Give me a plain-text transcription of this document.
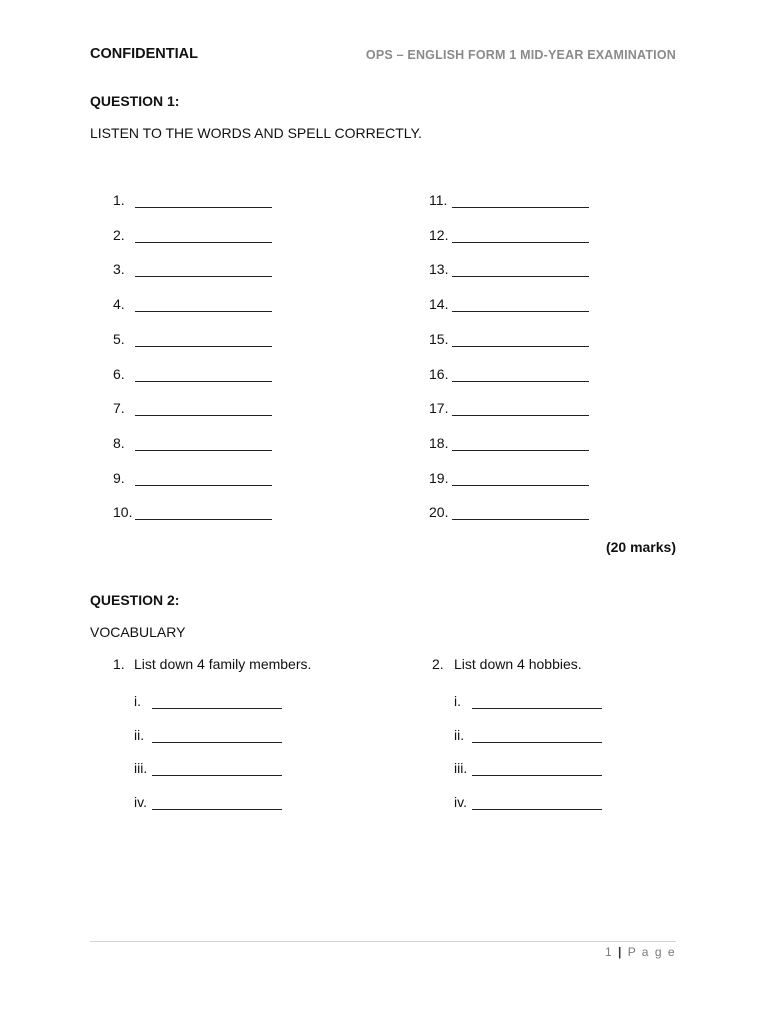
CONFIDENTIAL	OPS – ENGLISH FORM 1 MID-YEAR EXAMINATION
QUESTION 1:
LISTEN TO THE WORDS AND SPELL CORRECTLY.
1.
2.
3.
4.
5.
6.
7.
8.
9.
10.
11.
12.
13.
14.
15.
16.
17.
18.
19.
20.
(20 marks)
QUESTION 2:
VOCABULARY
1. List down 4 family members.	2. List down 4 hobbies.
i.
ii.
iii.
iv.
i.
ii.
iii.
iv.
1 | P a g e
